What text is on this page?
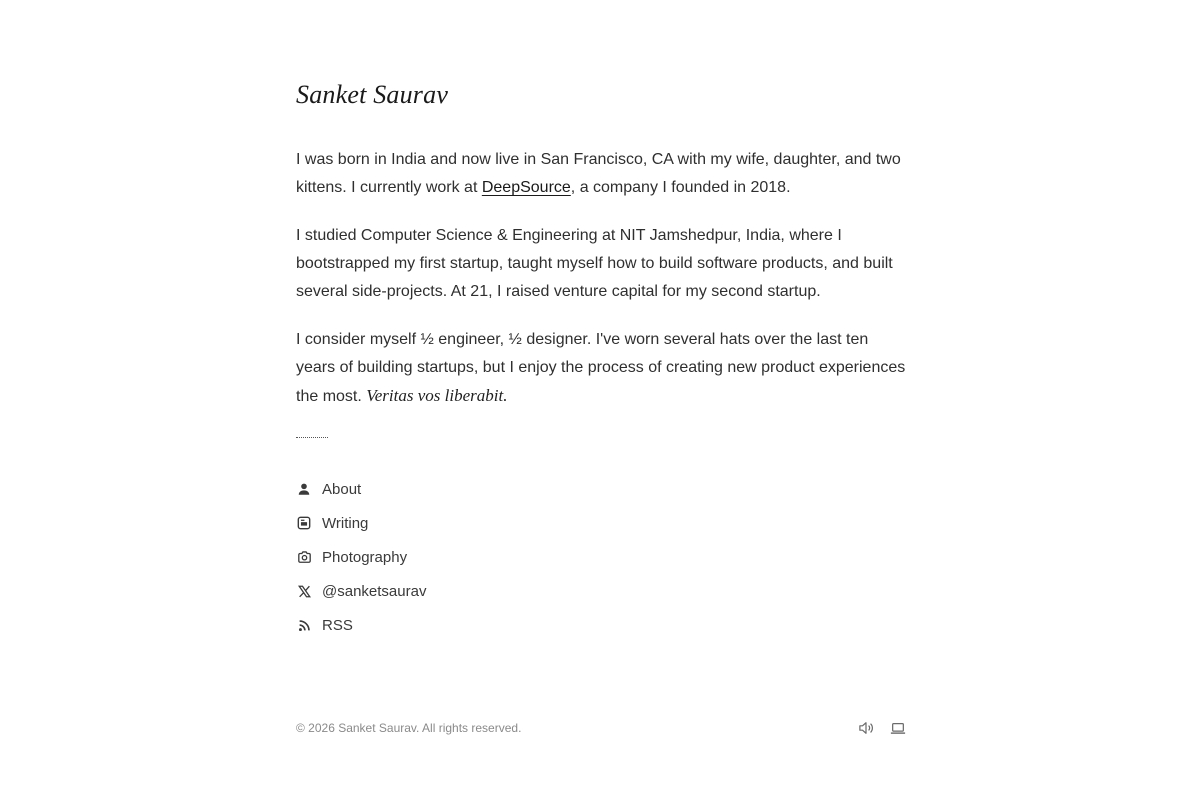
Sanket Saurav

I was born in India and now live in San Francisco, CA with my wife, daughter, and two kittens. I currently work at DeepSource, a company I founded in 2018.

I studied Computer Science & Engineering at NIT Jamshedpur, India, where I bootstrapped my first startup, taught myself how to build software products, and built several side-projects. At 21, I raised venture capital for my second startup.

I consider myself ½ engineer, ½ designer. I've worn several hats over the last ten years of building startups, but I enjoy the process of creating new product experiences the most. Veritas vos liberabit.

About
Writing
Photography
@sanketsaurav
RSS
© 2026 Sanket Saurav. All rights reserved.
